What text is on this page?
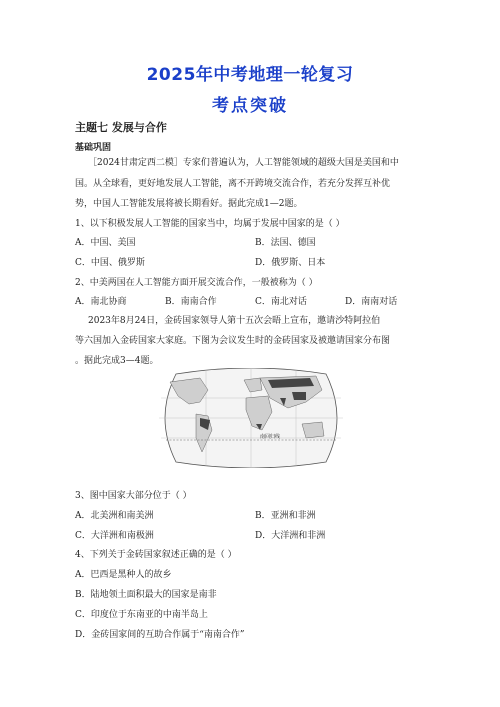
2025年中考地理一轮复习
考点突破
主题七 发展与合作
基础巩固
［2024甘肃定西二模］专家们普遍认为，人工智能领域的超级大国是美国和中
国。从全球看，更好地发展人工智能，离不开跨境交流合作，若充分发挥互补优
势，中国人工智能发展将被长期看好。据此完成1—2题。
1、以下积极发展人工智能的国家当中，均属于发展中国家的是（ ）
A．中国、美国	B．法国、德国
C．中国、俄罗斯	D．俄罗斯、日本
2、中美两国在人工智能方面开展交流合作，一般被称为（ ）
A．南北协商	B．南南合作	C．南北对话	D．南南对话
2023年8月24日，金砖国家领导人第十五次会晤上宣布，邀请沙特阿拉伯
等六国加入金砖国家大家庭。下图为会议发生时的金砖国家及被邀请国家分布图
。据此完成3—4题。
南回归线
3、图中国家大部分位于（ ）
A．北美洲和南美洲	B．亚洲和非洲
C．大洋洲和南极洲	D．大洋洲和非洲
4、下列关于金砖国家叙述正确的是（ ）
A．巴西是黑种人的故乡
B．陆地领土面积最大的国家是南非
C．印度位于东南亚的中南半岛上
D．金砖国家间的互助合作属于“南南合作”
